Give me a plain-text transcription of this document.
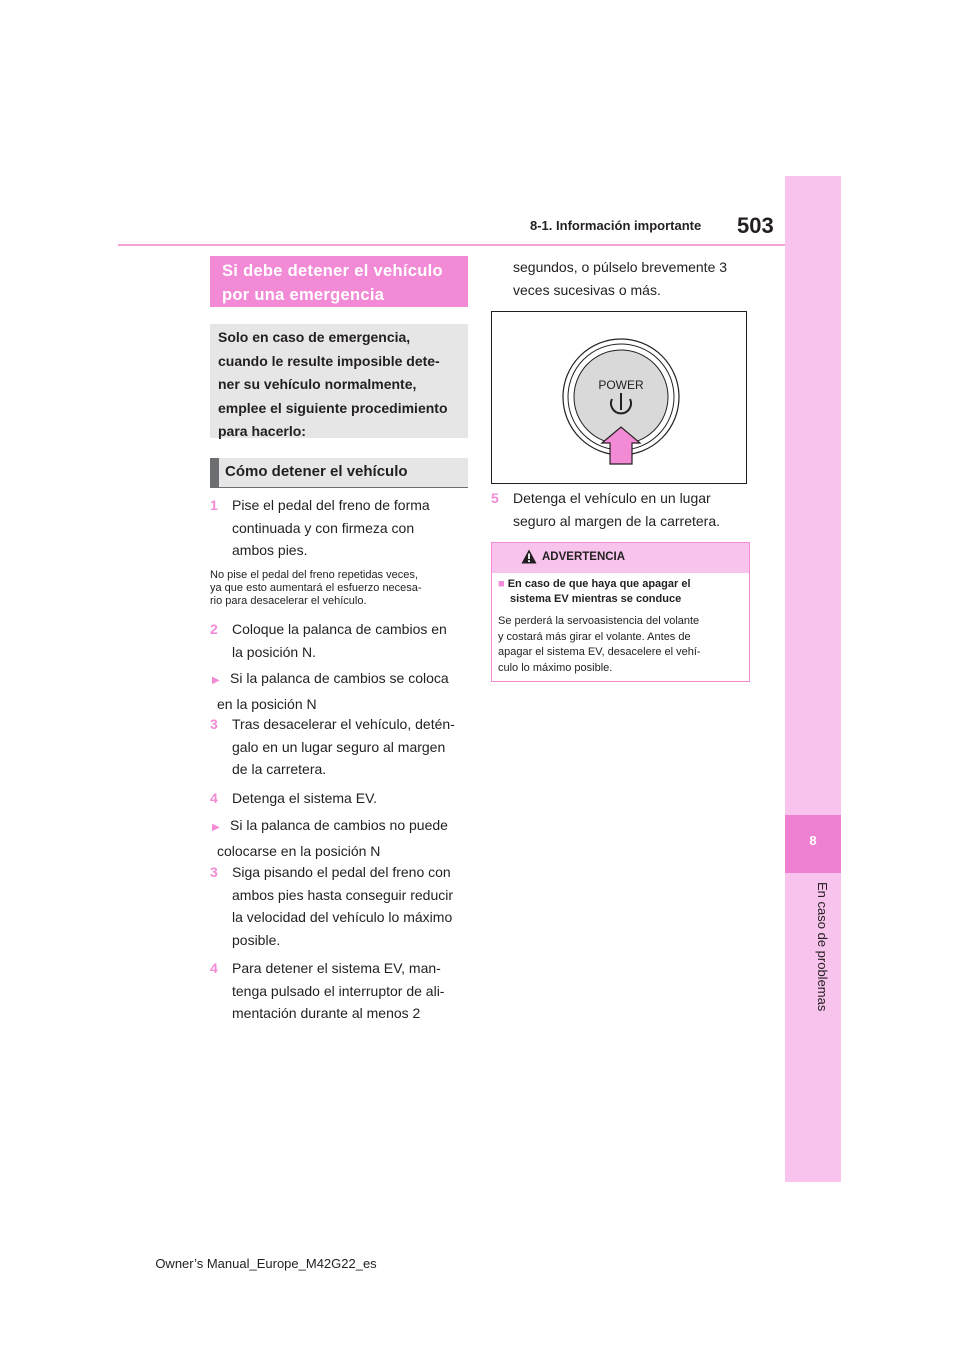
8-1. Información importante 503
8
En caso de problemas
Si debe detener el vehículo
por una emergencia
Solo en caso de emergencia,
cuando le resulte imposible dete-
ner su vehículo normalmente,
emplee el siguiente procedimiento
para hacerlo:
Cómo detener el vehículo
1 Pise el pedal del freno de forma
continuada y con firmeza con
ambos pies.
No pise el pedal del freno repetidas veces,
ya que esto aumentará el esfuerzo necesa-
rio para desacelerar el vehículo.
2 Coloque la palanca de cambios en
la posición N.
▶ Si la palanca de cambios se coloca
en la posición N
3 Tras desacelerar el vehículo, detén-
galo en un lugar seguro al margen
de la carretera.
4 Detenga el sistema EV.
▶ Si la palanca de cambios no puede
colocarse en la posición N
3 Siga pisando el pedal del freno con
ambos pies hasta conseguir reducir
la velocidad del vehículo lo máximo
posible.
4 Para detener el sistema EV, man-
tenga pulsado el interruptor de ali-
mentación durante al menos 2
segundos, o púlselo brevemente 3
veces sucesivas o más.
POWER
5 Detenga el vehículo en un lugar
seguro al margen de la carretera.
ADVERTENCIA
■ En caso de que haya que apagar el
sistema EV mientras se conduce
Se perderá la servoasistencia del volante
y costará más girar el volante. Antes de
apagar el sistema EV, desacelere el vehí-
culo lo máximo posible.
Owner’s Manual_Europe_M42G22_es
